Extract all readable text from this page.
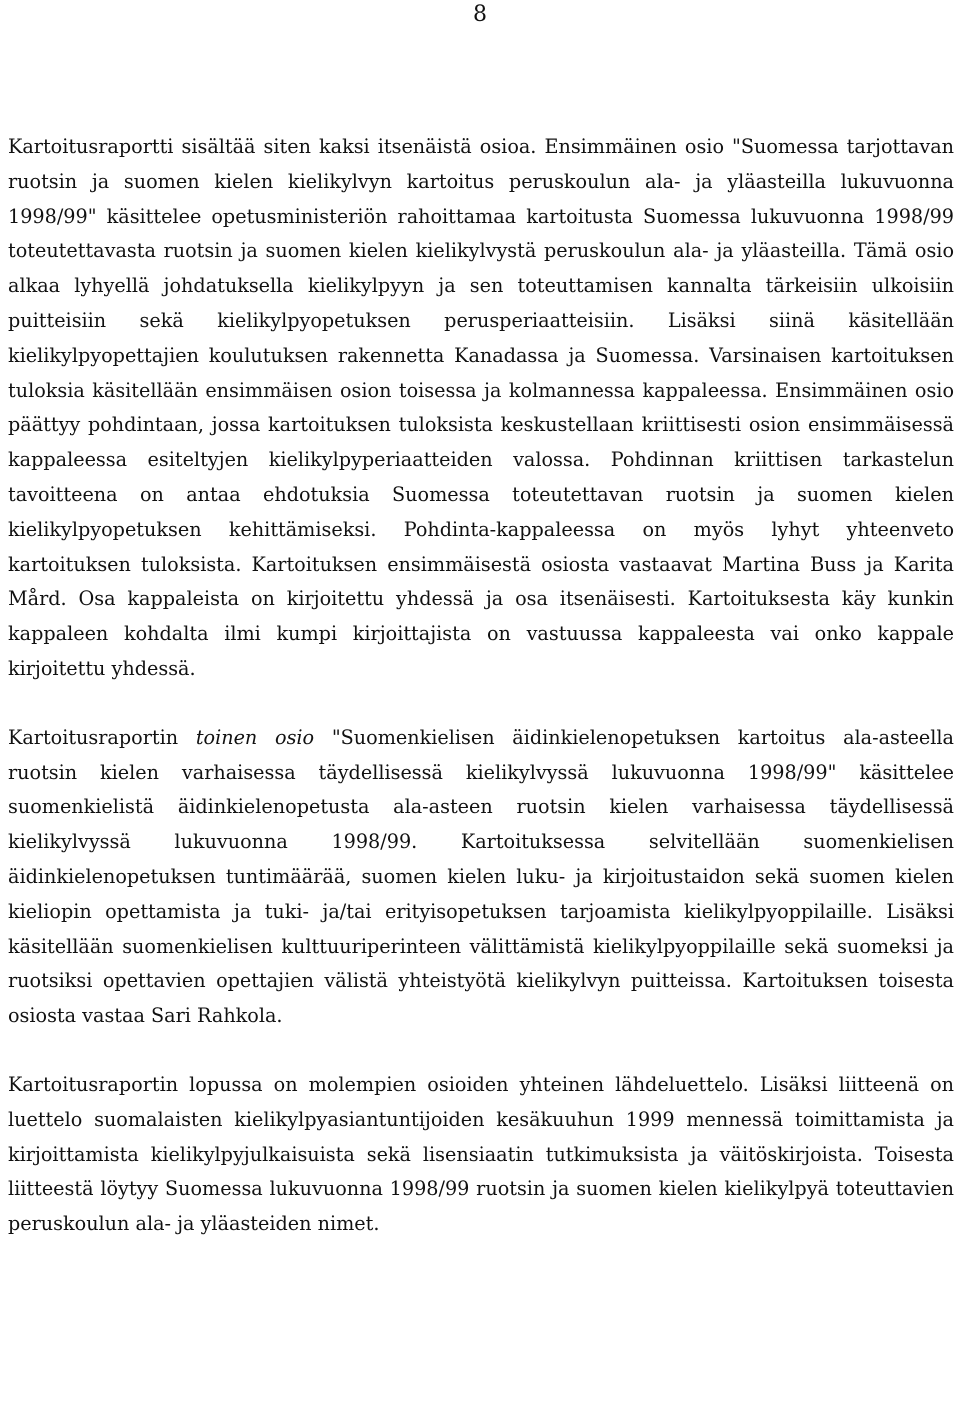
8

Kartoitusraportti sisältää siten kaksi itsenäistä osioa. Ensimmäinen osio "Suomessa tarjottavan ruotsin ja suomen kielen kielikylvyn kartoitus peruskoulun ala- ja yläasteilla lukuvuonna 1998/99" käsittelee opetusministeriön rahoittamaa kartoitusta Suomessa lukuvuonna 1998/99 toteutettavasta ruotsin ja suomen kielen kielikylvystä peruskoulun ala- ja yläasteilla. Tämä osio alkaa lyhyellä johdatuksella kielikylpyyn ja sen toteuttamisen kannalta tärkeisiin ulkoisiin puitteisiin sekä kielikylpyopetuksen perusperiaatteisiin. Lisäksi siinä käsitellään kielikylpyopettajien koulutuksen rakennetta Kanadassa ja Suomessa. Varsinaisen kartoituksen tuloksia käsitellään ensimmäisen osion toisessa ja kolmannessa kappaleessa. Ensimmäinen osio päättyy pohdintaan, jossa kartoituksen tuloksista keskustellaan kriittisesti osion ensimmäisessä kappaleessa esiteltyjen kielikylpyperiaatteiden valossa. Pohdinnan kriittisen tarkastelun tavoitteena on antaa ehdotuksia Suomessa toteutettavan ruotsin ja suomen kielen kielikylpyopetuksen kehittämiseksi. Pohdinta-kappaleessa on myös lyhyt yhteenveto kartoituksen tuloksista. Kartoituksen ensimmäisestä osiosta vastaavat Martina Buss ja Karita Mård. Osa kappaleista on kirjoitettu yhdessä ja osa itsenäisesti. Kartoituksesta käy kunkin kappaleen kohdalta ilmi kumpi kirjoittajista on vastuussa kappaleesta vai onko kappale kirjoitettu yhdessä.

Kartoitusraportin toinen osio "Suomenkielisen äidinkielenopetuksen kartoitus ala-asteella ruotsin kielen varhaisessa täydellisessä kielikylvyssä lukuvuonna 1998/99" käsittelee suomenkielistä äidinkielenopetusta ala-asteen ruotsin kielen varhaisessa täydellisessä kielikylvyssä lukuvuonna 1998/99. Kartoituksessa selvitellään suomenkielisen äidinkielenopetuksen tuntimäärää, suomen kielen luku- ja kirjoitustaidon sekä suomen kielen kieliopin opettamista ja tuki- ja/tai erityisopetuksen tarjoamista kielikylpyoppilaille. Lisäksi käsitellään suomenkielisen kulttuuriperinteen välittämistä kielikylpyoppilaille sekä suomeksi ja ruotsiksi opettavien opettajien välistä yhteistyötä kielikylvyn puitteissa. Kartoituksen toisesta osiosta vastaa Sari Rahkola.

Kartoitusraportin lopussa on molempien osioiden yhteinen lähdeluettelo. Lisäksi liitteenä on luettelo suomalaisten kielikylpyasiantuntijoiden kesäkuuhun 1999 mennessä toimittamista ja kirjoittamista kielikylpyjulkaisuista sekä lisensiaatin tutkimuksista ja väitöskirjoista. Toisesta liitteestä löytyy Suomessa lukuvuonna 1998/99 ruotsin ja suomen kielen kielikylpyä toteuttavien peruskoulun ala- ja yläasteiden nimet.
